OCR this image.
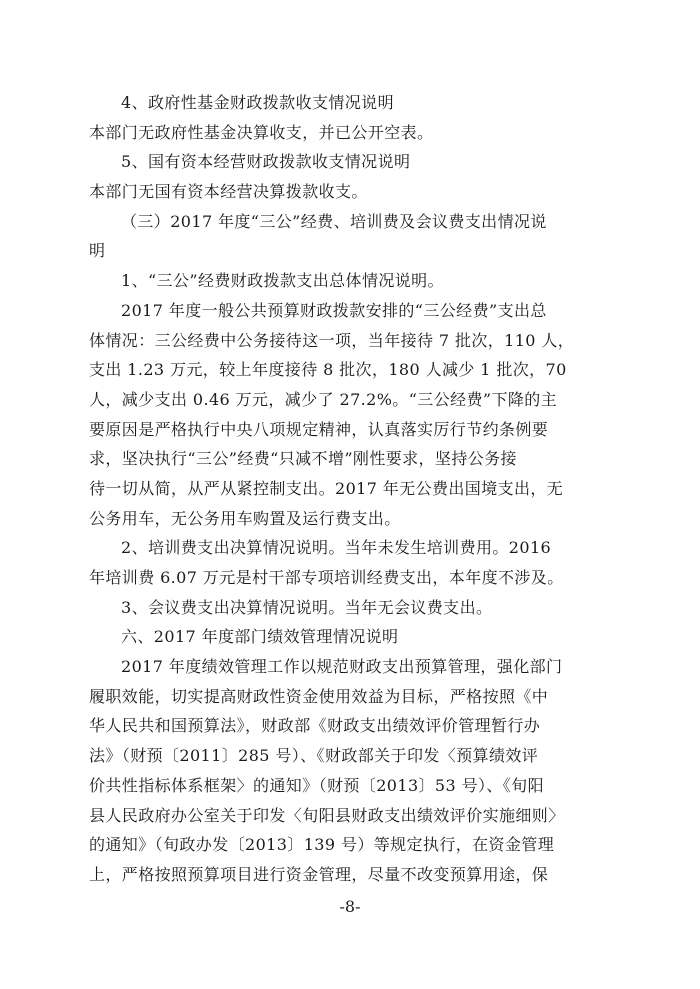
4、政府性基金财政拨款收支情况说明
本部门无政府性基金决算收支，并已公开空表。
5、国有资本经营财政拨款收支情况说明
本部门无国有资本经营决算拨款收支。
（三）2017 年度“三公”经费、培训费及会议费支出情况说
明
1、“三公”经费财政拨款支出总体情况说明。
2017 年度一般公共预算财政拨款安排的“三公经费”支出总
体情况：三公经费中公务接待这一项，当年接待 7 批次，110 人，
支出 1.23 万元，较上年度接待 8 批次，180 人减少 1 批次，70
人，减少支出 0.46 万元，减少了 27.2%。“三公经费”下降的主
要原因是严格执行中央八项规定精神，认真落实厉行节约条例要
求，坚决执行“三公”经费“只减不增”刚性要求，坚持公务接
待一切从简，从严从紧控制支出。2017 年无公费出国境支出，无
公务用车，无公务用车购置及运行费支出。
2、培训费支出决算情况说明。当年未发生培训费用。2016
年培训费 6.07 万元是村干部专项培训经费支出，本年度不涉及。
3、会议费支出决算情况说明。当年无会议费支出。
六、2017 年度部门绩效管理情况说明
2017 年度绩效管理工作以规范财政支出预算管理，强化部门
履职效能，切实提高财政性资金使用效益为目标，严格按照《中
华人民共和国预算法》，财政部《财政支出绩效评价管理暂行办
法》（财预〔2011〕285 号）、《财政部关于印发〈预算绩效评
价共性指标体系框架〉的通知》（财预〔2013〕53 号）、《旬阳
县人民政府办公室关于印发〈旬阳县财政支出绩效评价实施细则〉
的通知》（旬政办发〔2013〕139 号）等规定执行，在资金管理
上，严格按照预算项目进行资金管理，尽量不改变预算用途，保
-8-
